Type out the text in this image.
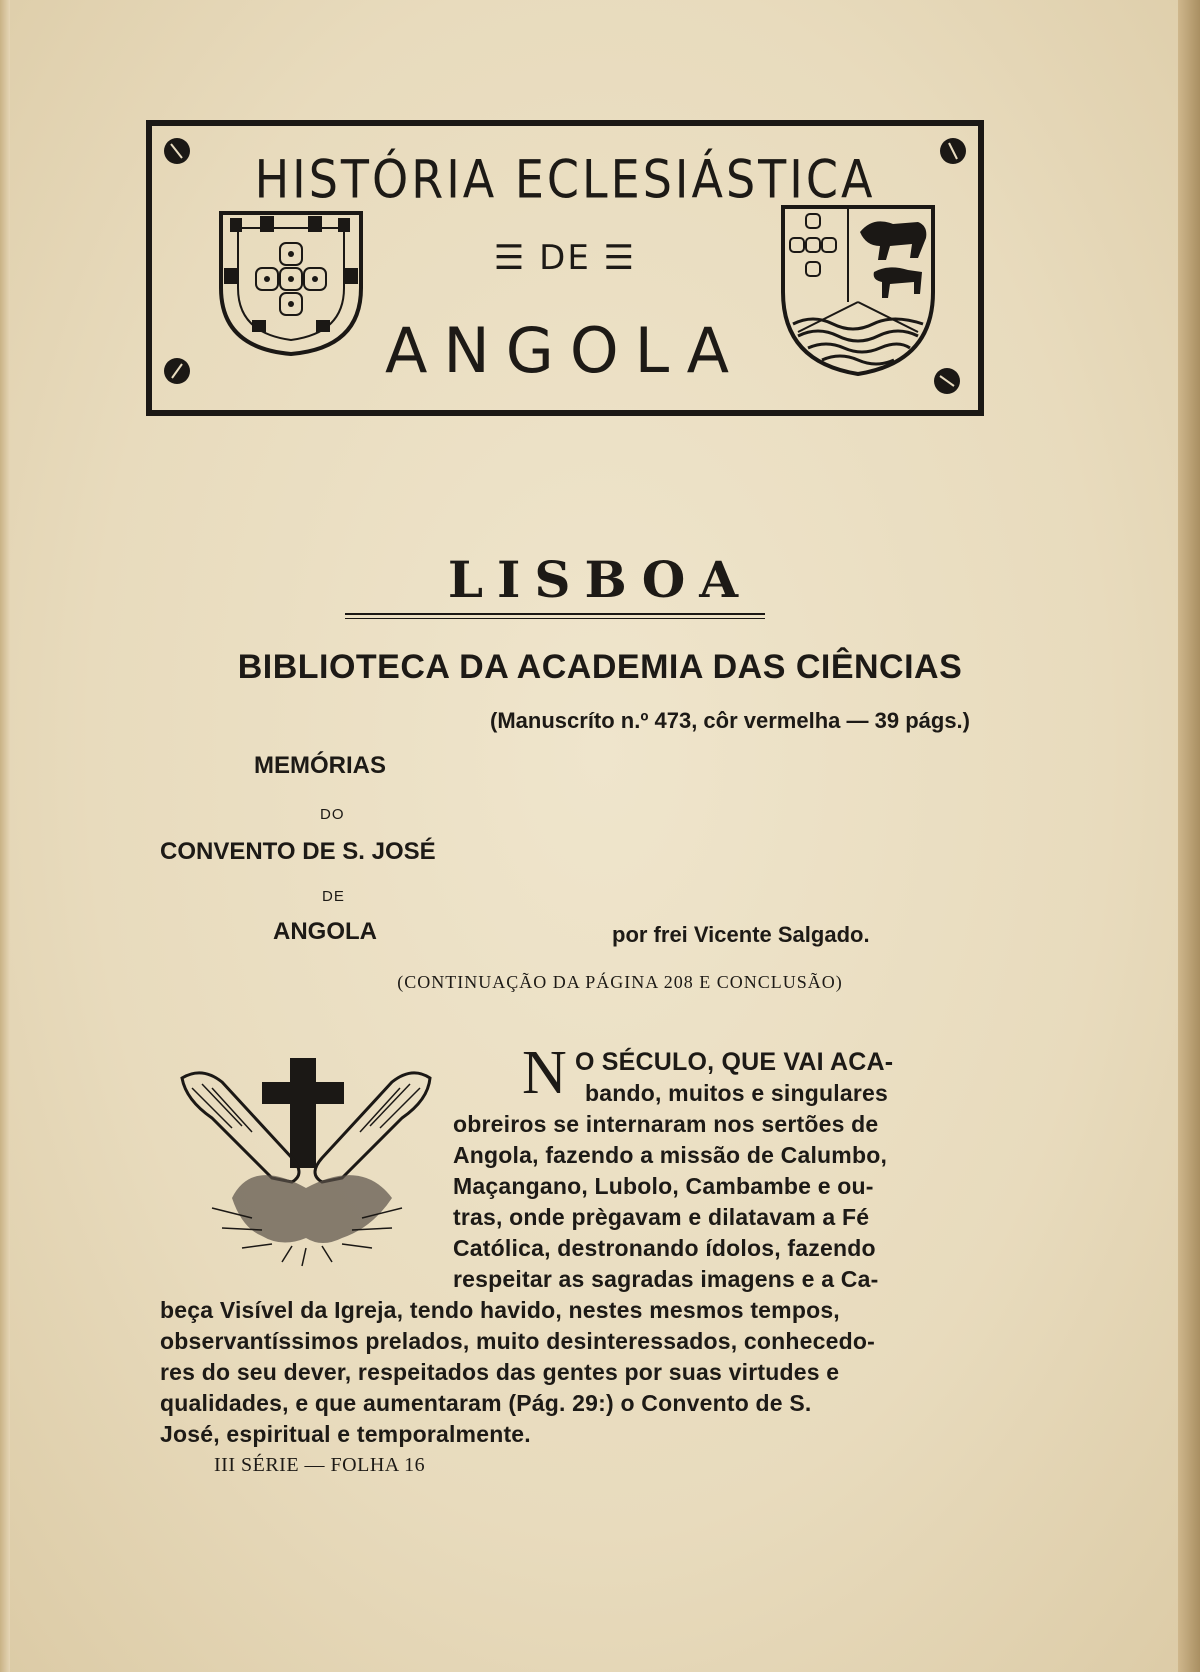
HISTÓRIA ECLESIÁSTICA
☰ DE ☰
ANGOLA
LISBOA
BIBLIOTECA DA ACADEMIA DAS CIÊNCIAS
(Manuscríto n.º 473, côr vermelha — 39 págs.)
MEMÓRIAS
DO
CONVENTO DE S. JOSÉ
DE
ANGOLA	por frei Vicente Salgado.
(CONTINUAÇÃO DA PÁGINA 208 E CONCLUSÃO)
N O SÉCULO, QUE VAI ACA-
bando, muitos e singulares
obreiros se internaram nos sertões de
Angola, fazendo a missão de Calumbo,
Maçangano, Lubolo, Cambambe e ou-
tras, onde prègavam e dilatavam a Fé
Católica, destronando ídolos, fazendo
respeitar as sagradas imagens e a Ca-
beça Visível da Igreja, tendo havido, nestes mesmos tempos,
observantíssimos prelados, muito desinteressados, conhecedo-
res do seu dever, respeitados das gentes por suas virtudes e
qualidades, e que aumentaram (Pág. 29:) o Convento de S.
José, espiritual e temporalmente.
III SÉRIE — FOLHA 16
